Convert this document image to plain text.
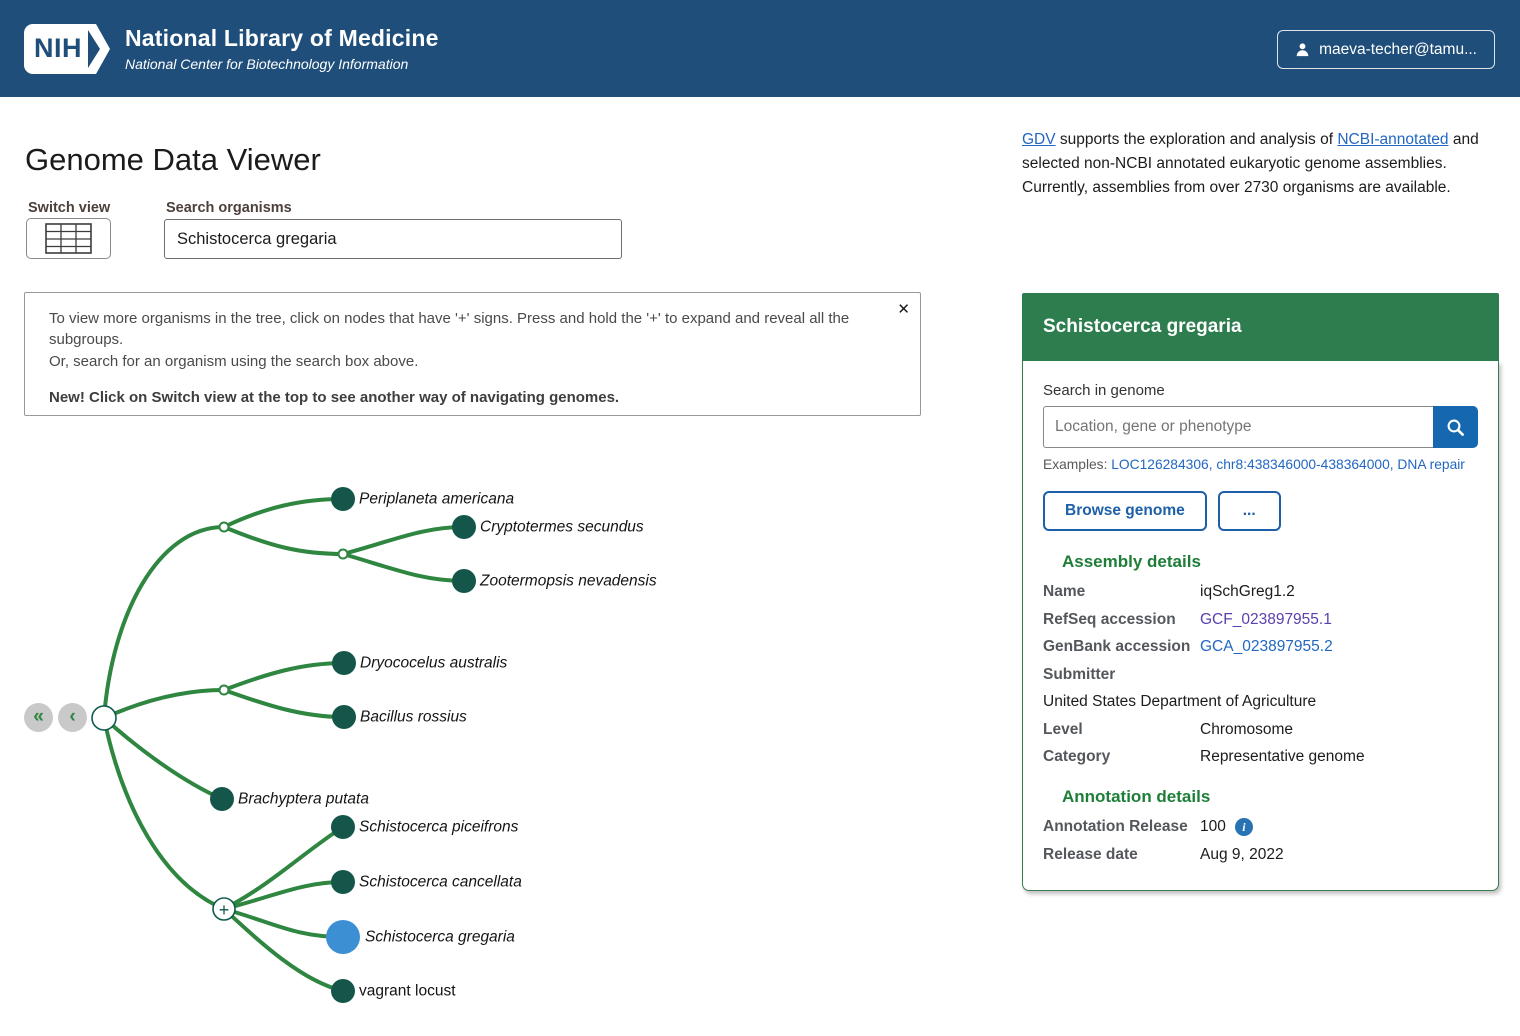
NIH National Library of Medicine
National Center for Biotechnology Information
maeva-techer@tamu...
Genome Data Viewer
Switch view	Search organisms
Schistocerca gregaria
✕
To view more organisms in the tree, click on nodes that have '+' signs. Press and hold the '+' to expand and reveal all the subgroups.
Or, search for an organism using the search box above.
New! Click on Switch view at the top to see another way of navigating genomes.
«	‹
+
Periplaneta americana
Cryptotermes secundus
Zootermopsis nevadensis
Dryococelus australis
Bacillus rossius
Brachyptera putata
Schistocerca piceifrons
Schistocerca cancellata
Schistocerca gregaria
vagrant locust

GDV supports the exploration and analysis of NCBI-annotated and selected non-NCBI annotated eukaryotic genome assemblies. Currently, assemblies from over 2730 organisms are available.

Schistocerca gregaria
Search in genome
Location, gene or phenotype
Examples: LOC126284306, chr8:438346000-438364000, DNA repair
Browse genome	...
Assembly details
Name	iqSchGreg1.2
RefSeq accession	GCF_023897955.1
GenBank accession GCA_023897955.2
Submitter
United States Department of Agriculture
Level	Chromosome
Category	Representative genome
Annotation details
Annotation Release 100	i
Release date	Aug 9, 2022
